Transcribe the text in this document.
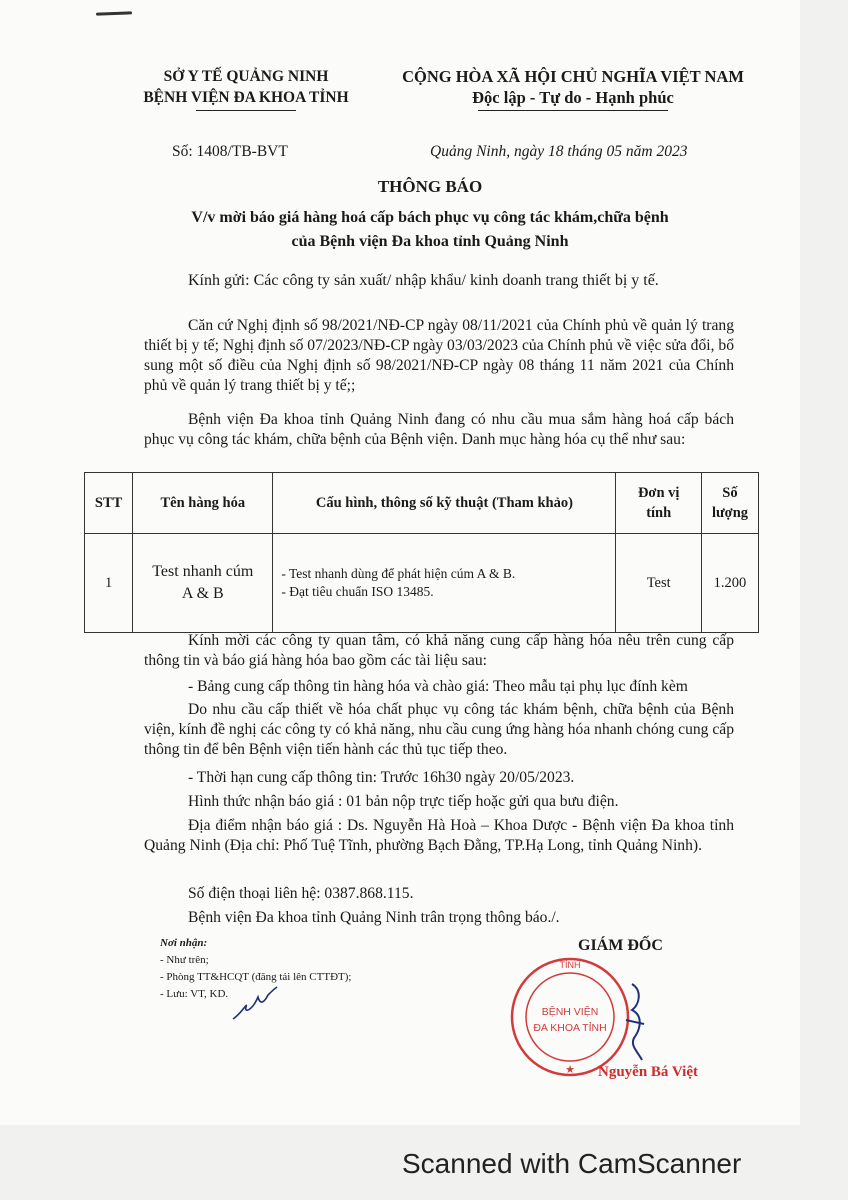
SỞ Y TẾ QUẢNG NINH
BỆNH VIỆN ĐA KHOA TỈNH
CỘNG HÒA XÃ HỘI CHỦ NGHĨA VIỆT NAM
Độc lập - Tự do - Hạnh phúc
Số: 1408/TB-BVT	Quảng Ninh, ngày 18 tháng 05 năm 2023
THÔNG BÁO
V/v mời báo giá hàng hoá cấp bách phục vụ công tác khám,chữa bệnh
của Bệnh viện Đa khoa tỉnh Quảng Ninh
Kính gửi: Các công ty sản xuất/ nhập khẩu/ kinh doanh trang thiết bị y tế.
Căn cứ Nghị định số 98/2021/NĐ-CP ngày 08/11/2021 của Chính phủ về quản lý trang thiết bị y tế; Nghị định số 07/2023/NĐ-CP ngày 03/03/2023 của Chính phủ về việc sửa đổi, bổ sung một số điều của Nghị định số 98/2021/NĐ-CP ngày 08 tháng 11 năm 2021 của Chính phủ về quản lý trang thiết bị y tế;;
Bệnh viện Đa khoa tỉnh Quảng Ninh đang có nhu cầu mua sắm hàng hoá cấp bách phục vụ công tác khám, chữa bệnh của Bệnh viện. Danh mục hàng hóa cụ thể như sau:
STT	Tên hàng hóa	Cấu hình, thông số kỹ thuật (Tham khảo)	Đơn vị tính	Số lượng
1	Test nhanh cúm A & B	- Test nhanh dùng để phát hiện cúm A & B.
- Đạt tiêu chuẩn ISO 13485.	Test	1.200
Kính mời các công ty quan tâm, có khả năng cung cấp hàng hóa nêu trên cung cấp thông tin và báo giá hàng hóa bao gồm các tài liệu sau:
- Bảng cung cấp thông tin hàng hóa và chào giá: Theo mẫu tại phụ lục đính kèm
Do nhu cầu cấp thiết về hóa chất phục vụ công tác khám bệnh, chữa bệnh của Bệnh viện, kính đề nghị các công ty có khả năng, nhu cầu cung ứng hàng hóa nhanh chóng cung cấp thông tin để bên Bệnh viện tiến hành các thủ tục tiếp theo.
- Thời hạn cung cấp thông tin: Trước 16h30 ngày 20/05/2023.
Hình thức nhận báo giá : 01 bản nộp trực tiếp hoặc gửi qua bưu điện.
Địa điểm nhận báo giá : Ds. Nguyễn Hà Hoà – Khoa Dược - Bệnh viện Đa khoa tỉnh Quảng Ninh (Địa chỉ: Phố Tuệ Tĩnh, phường Bạch Đằng, TP.Hạ Long, tỉnh Quảng Ninh).
Số điện thoại liên hệ: 0387.868.115.
Bệnh viện Đa khoa tỉnh Quảng Ninh trân trọng thông báo./.
Nơi nhận:
- Như trên;
- Phòng TT&HCQT (đăng tải lên CTTĐT);
- Lưu: VT, KD.
GIÁM ĐỐC
TỈNH
BỆNH VIỆN
ĐA KHOA TỈNH
★ Nguyễn Bá Việt
Scanned with CamScanner
